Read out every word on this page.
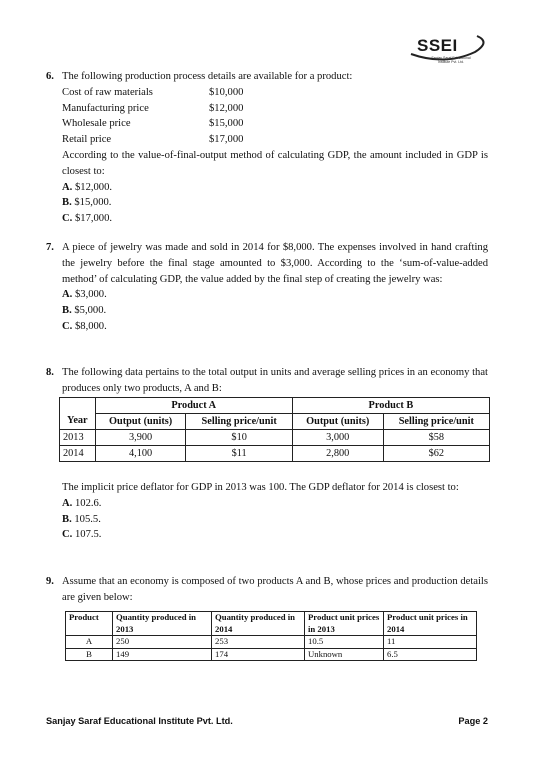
SSEI
Sanjay Saraf Educational Institute Pvt. Ltd.
6. The following production process details are available for a product:
Cost of raw materials	$10,000
Manufacturing price	$12,000
Wholesale price	$15,000
Retail price	$17,000
According to the value-of-final-output method of calculating GDP, the amount included in GDP is closest to:
A. $12,000.
B. $15,000.
C. $17,000.
7. A piece of jewelry was made and sold in 2014 for $8,000. The expenses involved in hand crafting the jewelry before the final stage amounted to $3,000. According to the ‘sum-of-value-added method’ of calculating GDP, the value added by the final step of creating the jewelry was:
A. $3,000.
B. $5,000.
C. $8,000.
8. The following data pertains to the total output in units and average selling prices in an economy that produces only two products, A and B:
	Product A		Product B	
Year	Output (units)	Selling price/unit	Output (units)	Selling price/unit
2013	3,900	$10	3,000	$58
2014	4,100	$11	2,800	$62
The implicit price deflator for GDP in 2013 was 100. The GDP deflator for 2014 is closest to:
A. 102.6.
B. 105.5.
C. 107.5.
9. Assume that an economy is composed of two products A and B, whose prices and production details are given below:
Product	Quantity produced in 2013	Quantity produced in 2014	Product unit prices in 2013	Product unit prices in 2014
A	250	253	10.5	11
B	149	174	Unknown	6.5
Sanjay Saraf Educational Institute Pvt. Ltd.	Page 2
